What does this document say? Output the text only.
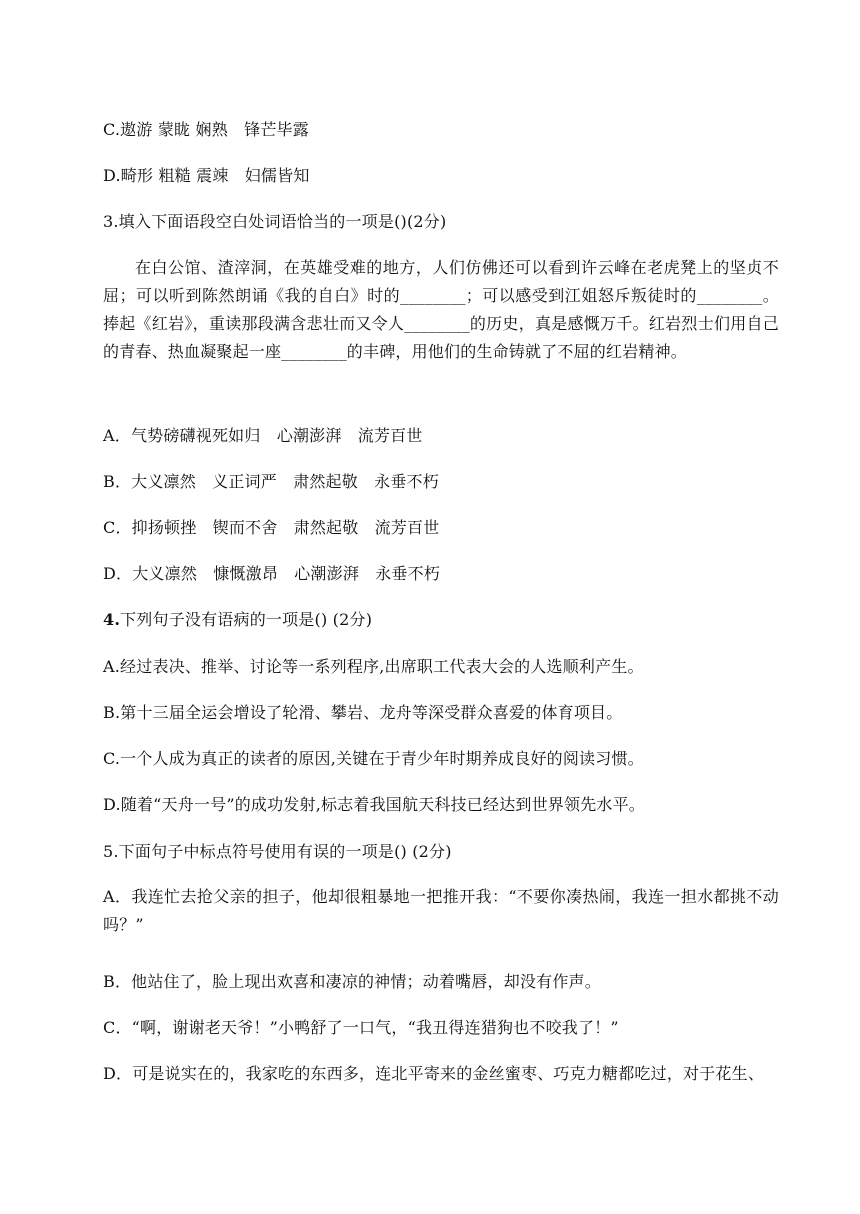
C.遨游 蒙眬 娴熟　锋芒毕露
D.畸形 粗糙 震竦　妇儒皆知
3.填入下面语段空白处词语恰当的一项是()(2分)
在白公馆、渣滓洞，在英雄受难的地方，人们仿佛还可以看到许云峰在老虎凳上的坚贞不屈；可以听到陈然朗诵《我的自白》时的________；可以感受到江姐怒斥叛徒时的________。捧起《红岩》，重读那段满含悲壮而又令人________的历史，真是感慨万千。红岩烈士们用自己的青春、热血凝聚起一座________的丰碑，用他们的生命铸就了不屈的红岩精神。
A．气势磅礴视死如归　心潮澎湃　流芳百世
B．大义凛然　义正词严　肃然起敬　永垂不朽
C．抑扬顿挫　锲而不舍　肃然起敬　流芳百世
D．大义凛然　慷慨激昂　心潮澎湃　永垂不朽
4.下列句子没有语病的一项是() (2分)
A.经过表决、推举、讨论等一系列程序,出席职工代表大会的人选顺利产生。
B.第十三届全运会增设了轮滑、攀岩、龙舟等深受群众喜爱的体育项目。
C.一个人成为真正的读者的原因,关键在于青少年时期养成良好的阅读习惯。
D.随着“天舟一号”的成功发射,标志着我国航天科技已经达到世界领先水平。
5.下面句子中标点符号使用有误的一项是() (2分)
A．我连忙去抢父亲的担子，他却很粗暴地一把推开我：“不要你凑热闹，我连一担水都挑不动吗？”
B．他站住了，脸上现出欢喜和凄凉的神情；动着嘴唇，却没有作声。
C．“啊，谢谢老天爷！”小鸭舒了一口气，“我丑得连猎狗也不咬我了！”
D．可是说实在的，我家吃的东西多，连北平寄来的金丝蜜枣、巧克力糖都吃过，对于花生、
